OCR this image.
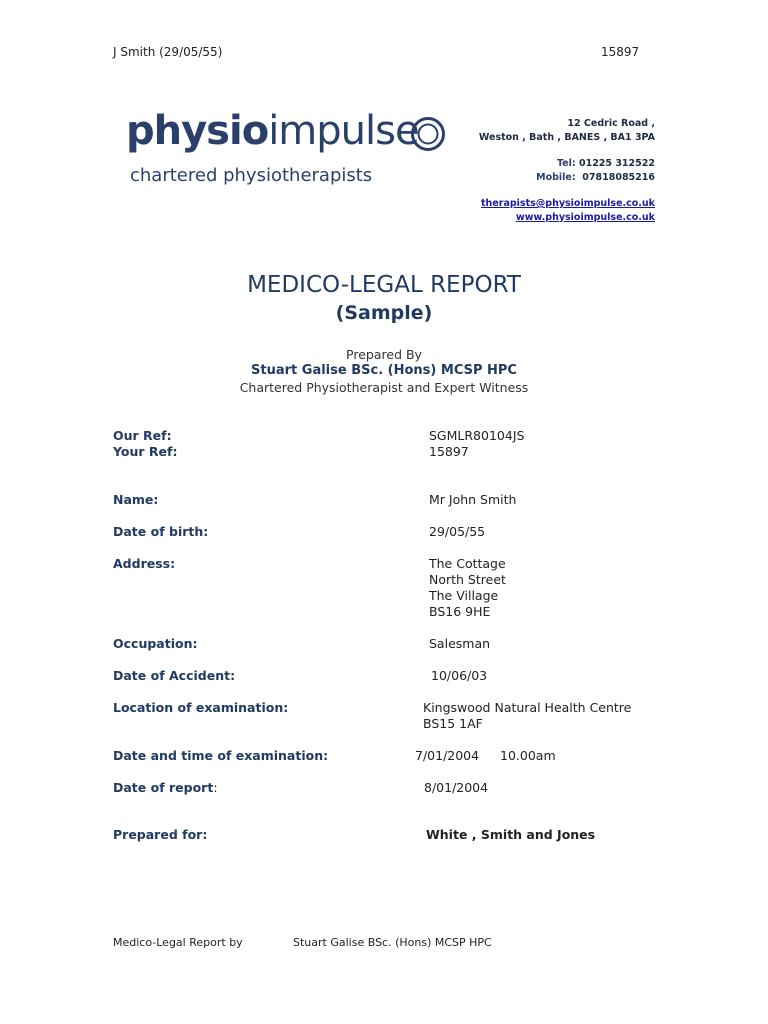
J Smith (29/05/55)	15897
physioimpulse
chartered physiotherapists
12 Cedric Road ,
Weston , Bath , BANES , BA1 3PA
Tel: 01225 312522
Mobile: 07818085216
therapists@physioimpulse.co.uk
www.physioimpulse.co.uk
MEDICO-LEGAL REPORT
(Sample)
Prepared By
Stuart Galise BSc. (Hons) MCSP HPC
Chartered Physiotherapist and Expert Witness
Our Ref:	SGMLR80104JS
Your Ref:	15897
Name:	Mr John Smith
Date of birth:	29/05/55
Address:	The Cottage
North Street
The Village
BS16 9HE
Occupation:	Salesman
Date of Accident:	10/06/03
Location of examination:	Kingswood Natural Health Centre
BS15 1AF
Date and time of examination:	7/01/2004 10.00am
Date of report:	8/01/2004
Prepared for:	White , Smith and Jones
Medico-Legal Report by	Stuart Galise BSc. (Hons) MCSP HPC
